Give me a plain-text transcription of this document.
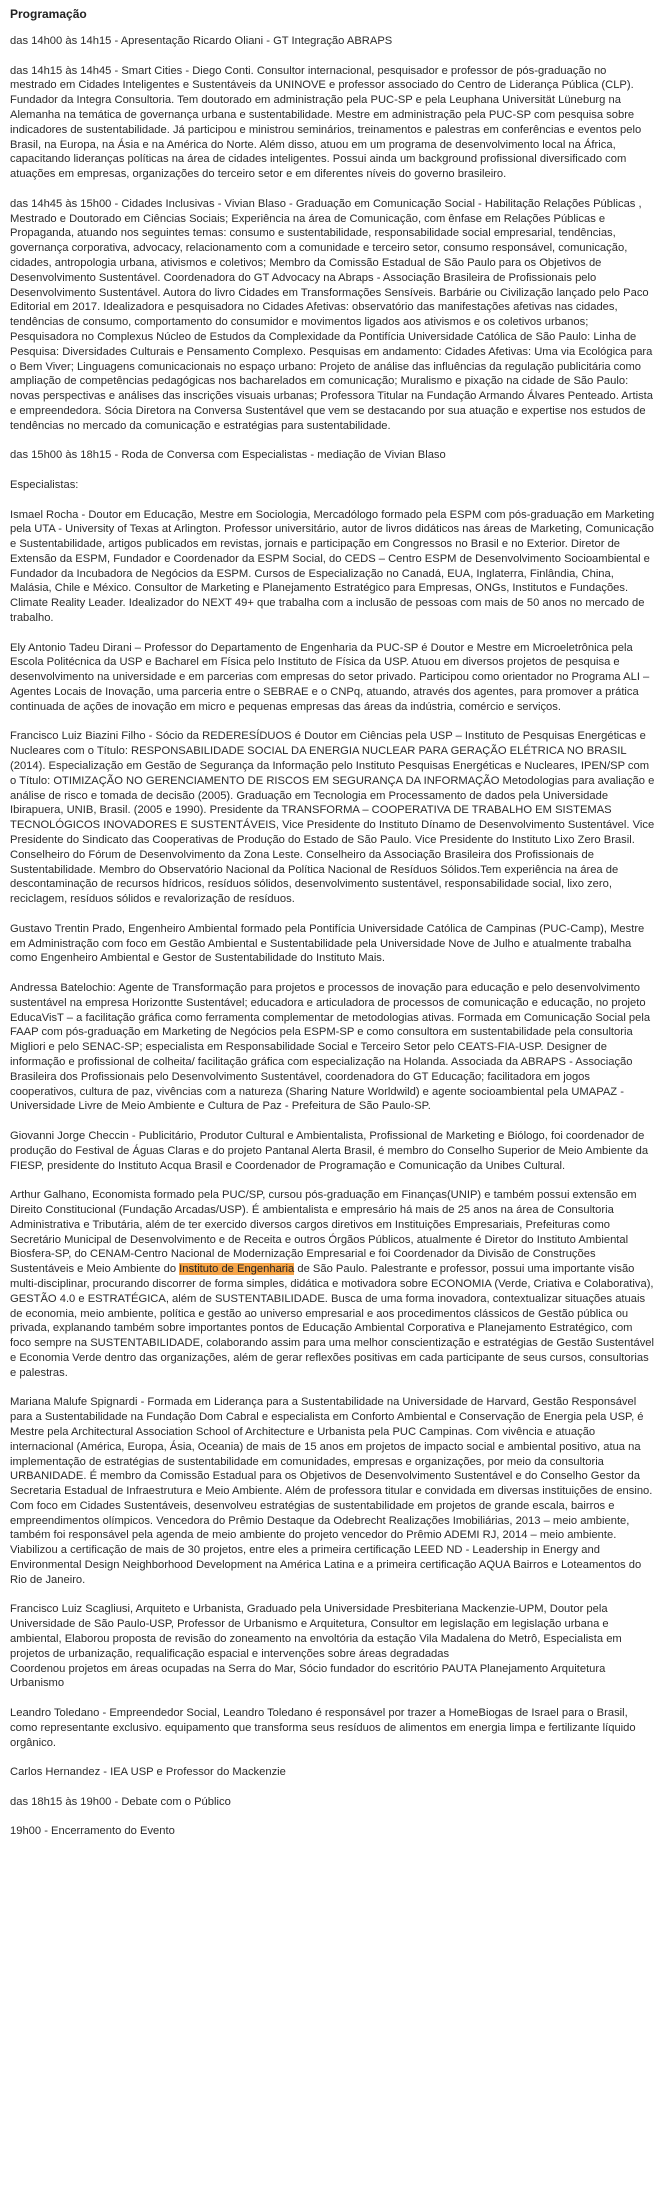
Programação

das 14h00 às 14h15 - Apresentação Ricardo Oliani - GT Integração ABRAPS

das 14h15 às 14h45 - Smart Cities - Diego Conti. Consultor internacional, pesquisador e professor de pós-graduação no mestrado em Cidades Inteligentes e Sustentáveis da UNINOVE e professor associado do Centro de Liderança Pública (CLP). Fundador da Integra Consultoria. Tem doutorado em administração pela PUC-SP e pela Leuphana Universität Lüneburg na Alemanha na temática de governança urbana e sustentabilidade. Mestre em administração pela PUC-SP com pesquisa sobre indicadores de sustentabilidade. Já participou e ministrou seminários, treinamentos e palestras em conferências e eventos pelo Brasil, na Europa, na Ásia e na América do Norte. Além disso, atuou em um programa de desenvolvimento local na África, capacitando lideranças políticas na área de cidades inteligentes. Possui ainda um background profissional diversificado com atuações em empresas, organizações do terceiro setor e em diferentes níveis do governo brasileiro.

das 14h45 às 15h00 - Cidades Inclusivas - Vivian Blaso - Graduação em Comunicação Social - Habilitação Relações Públicas , Mestrado e Doutorado em Ciências Sociais; Experiência na área de Comunicação, com ênfase em Relações Públicas e Propaganda, atuando nos seguintes temas: consumo e sustentabilidade, responsabilidade social empresarial, tendências, governança corporativa, advocacy, relacionamento com a comunidade e terceiro setor, consumo responsável, comunicação, cidades, antropologia urbana, ativismos e coletivos; Membro da Comissão Estadual de São Paulo para os Objetivos de Desenvolvimento Sustentável. Coordenadora do GT Advocacy na Abraps - Associação Brasileira de Profissionais pelo Desenvolvimento Sustentável. Autora do livro Cidades em Transformações Sensíveis. Barbárie ou Civilização lançado pelo Paco Editorial em 2017. Idealizadora e pesquisadora no Cidades Afetivas: observatório das manifestações afetivas nas cidades, tendências de consumo, comportamento do consumidor e movimentos ligados aos ativismos e os coletivos urbanos; Pesquisadora no Complexus Núcleo de Estudos da Complexidade da Pontifícia Universidade Católica de São Paulo: Linha de Pesquisa: Diversidades Culturais e Pensamento Complexo. Pesquisas em andamento: Cidades Afetivas: Uma via Ecológica para o Bem Viver; Linguagens comunicacionais no espaço urbano: Projeto de análise das influências da regulação publicitária como ampliação de competências pedagógicas nos bacharelados em comunicação; Muralismo e pixação na cidade de São Paulo: novas perspectivas e análises das inscrições visuais urbanas; Professora Titular na Fundação Armando Álvares Penteado. Artista e empreendedora. Sócia Diretora na Conversa Sustentável que vem se destacando por sua atuação e expertise nos estudos de tendências no mercado da comunicação e estratégias para sustentabilidade.

das 15h00 às 18h15 - Roda de Conversa com Especialistas - mediação de Vivian Blaso

Especialistas:

Ismael Rocha - Doutor em Educação, Mestre em Sociologia, Mercadólogo formado pela ESPM com pós-graduação em Marketing pela UTA - University of Texas at Arlington. Professor universitário, autor de livros didáticos nas áreas de Marketing, Comunicação e Sustentabilidade, artigos publicados em revistas, jornais e participação em Congressos no Brasil e no Exterior. Diretor de Extensão da ESPM, Fundador e Coordenador da ESPM Social, do CEDS – Centro ESPM de Desenvolvimento Socioambiental e Fundador da Incubadora de Negócios da ESPM. Cursos de Especialização no Canadá, EUA, Inglaterra, Finlândia, China, Malásia, Chile e México. Consultor de Marketing e Planejamento Estratégico para Empresas, ONGs, Institutos e Fundações. Climate Reality Leader. Idealizador do NEXT 49+ que trabalha com a inclusão de pessoas com mais de 50 anos no mercado de trabalho.

Ely Antonio Tadeu Dirani – Professor do Departamento de Engenharia da PUC-SP é Doutor e Mestre em Microeletrônica pela Escola Politécnica da USP e Bacharel em Física pelo Instituto de Física da USP. Atuou em diversos projetos de pesquisa e desenvolvimento na universidade e em parcerias com empresas do setor privado. Participou como orientador no Programa ALI – Agentes Locais de Inovação, uma parceria entre o SEBRAE e o CNPq, atuando, através dos agentes, para promover a prática continuada de ações de inovação em micro e pequenas empresas das áreas da indústria, comércio e serviços.

Francisco Luiz Biazini Filho - Sócio da REDERESÍDUOS é Doutor em Ciências pela USP – Instituto de Pesquisas Energéticas e Nucleares com o Título: RESPONSABILIDADE SOCIAL DA ENERGIA NUCLEAR PARA GERAÇÃO ELÉTRICA NO BRASIL (2014). Especialização em Gestão de Segurança da Informação pelo Instituto Pesquisas Energéticas e Nucleares, IPEN/SP com o Título: OTIMIZAÇÃO NO GERENCIAMENTO DE RISCOS EM SEGURANÇA DA INFORMAÇÃO Metodologias para avaliação e análise de risco e tomada de decisão (2005). Graduação em Tecnologia em Processamento de dados pela Universidade Ibirapuera, UNIB, Brasil. (2005 e 1990). Presidente da TRANSFORMA – COOPERATIVA DE TRABALHO EM SISTEMAS TECNOLÓGICOS INOVADORES E SUSTENTÁVEIS, Vice Presidente do Instituto Dínamo de Desenvolvimento Sustentável. Vice Presidente do Sindicato das Cooperativas de Produção do Estado de São Paulo. Vice Presidente do Instituto Lixo Zero Brasil. Conselheiro do Fórum de Desenvolvimento da Zona Leste. Conselheiro da Associação Brasileira dos Profissionais de Sustentabilidade. Membro do Observatório Nacional da Política Nacional de Resíduos Sólidos.Tem experiência na área de descontaminação de recursos hídricos, resíduos sólidos, desenvolvimento sustentável, responsabilidade social, lixo zero, reciclagem, resíduos sólidos e revalorização de resíduos.

Gustavo Trentin Prado, Engenheiro Ambiental formado pela Pontifícia Universidade Católica de Campinas (PUC-Camp), Mestre em Administração com foco em Gestão Ambiental e Sustentabilidade pela Universidade Nove de Julho e atualmente trabalha como Engenheiro Ambiental e Gestor de Sustentabilidade do Instituto Mais.

Andressa Batelochio: Agente de Transformação para projetos e processos de inovação para educação e pelo desenvolvimento sustentável na empresa Horizontte Sustentável; educadora e articuladora de processos de comunicação e educação, no projeto EducaVisT – a facilitação gráfica como ferramenta complementar de metodologias ativas. Formada em Comunicação Social pela FAAP com pós-graduação em Marketing de Negócios pela ESPM-SP e como consultora em sustentabilidade pela consultoria Migliori e pelo SENAC-SP; especialista em Responsabilidade Social e Terceiro Setor pelo CEATS-FIA-USP. Designer de informação e profissional de colheita/ facilitação gráfica com especialização na Holanda. Associada da ABRAPS - Associação Brasileira dos Profissionais pelo Desenvolvimento Sustentável, coordenadora do GT Educação; facilitadora em jogos cooperativos, cultura de paz, vivências com a natureza (Sharing Nature Worldwild) e agente socioambiental pela UMAPAZ - Universidade Livre de Meio Ambiente e Cultura de Paz - Prefeitura de São Paulo-SP.

Giovanni Jorge Checcin - Publicitário, Produtor Cultural e Ambientalista, Profissional de Marketing e Biólogo, foi coordenador de produção do Festival de Águas Claras e do projeto Pantanal Alerta Brasil, é membro do Conselho Superior de Meio Ambiente da FIESP, presidente do Instituto Acqua Brasil e Coordenador de Programação e Comunicação da Unibes Cultural.

Arthur Galhano, Economista formado pela PUC/SP, cursou pós-graduação em Finanças(UNIP) e também possui extensão em Direito Constitucional (Fundação Arcadas/USP). É ambientalista e empresário há mais de 25 anos na área de Consultoria Administrativa e Tributária, além de ter exercido diversos cargos diretivos em Instituições Empresariais, Prefeituras como Secretário Municipal de Desenvolvimento e de Receita e outros Órgãos Públicos, atualmente é Diretor do Instituto Ambiental Biosfera-SP, do CENAM-Centro Nacional de Modernização Empresarial e foi Coordenador da Divisão de Construções Sustentáveis e Meio Ambiente do Instituto de Engenharia de São Paulo. Palestrante e professor, possui uma importante visão multi-disciplinar, procurando discorrer de forma simples, didática e motivadora sobre ECONOMIA (Verde, Criativa e Colaborativa), GESTÃO 4.0 e ESTRATÉGICA, além de SUSTENTABILIDADE. Busca de uma forma inovadora, contextualizar situações atuais de economia, meio ambiente, política e gestão ao universo empresarial e aos procedimentos clássicos de Gestão pública ou privada, explanando também sobre importantes pontos de Educação Ambiental Corporativa e Planejamento Estratégico, com foco sempre na SUSTENTABILIDADE, colaborando assim para uma melhor conscientização e estratégias de Gestão Sustentável e Economia Verde dentro das organizações, além de gerar reflexões positivas em cada participante de seus cursos, consultorias e palestras.

Mariana Malufe Spignardi - Formada em Liderança para a Sustentabilidade na Universidade de Harvard, Gestão Responsável para a Sustentabilidade na Fundação Dom Cabral e especialista em Conforto Ambiental e Conservação de Energia pela USP, é Mestre pela Architectural Association School of Architecture e Urbanista pela PUC Campinas. Com vivência e atuação internacional (América, Europa, Ásia, Oceania) de mais de 15 anos em projetos de impacto social e ambiental positivo, atua na implementação de estratégias de sustentabilidade em comunidades, empresas e organizações, por meio da consultoria URBANIDADE. É membro da Comissão Estadual para os Objetivos de Desenvolvimento Sustentável e do Conselho Gestor da Secretaria Estadual de Infraestrutura e Meio Ambiente. Além de professora titular e convidada em diversas instituições de ensino. Com foco em Cidades Sustentáveis, desenvolveu estratégias de sustentabilidade em projetos de grande escala, bairros e empreendimentos olímpicos. Vencedora do Prêmio Destaque da Odebrecht Realizações Imobiliárias, 2013 – meio ambiente, também foi responsável pela agenda de meio ambiente do projeto vencedor do Prêmio ADEMI RJ, 2014 – meio ambiente. Viabilizou a certificação de mais de 30 projetos, entre eles a primeira certificação LEED ND - Leadership in Energy and Environmental Design Neighborhood Development na América Latina e a primeira certificação AQUA Bairros e Loteamentos do Rio de Janeiro.

Francisco Luiz Scagliusi, Arquiteto e Urbanista, Graduado pela Universidade Presbiteriana Mackenzie-UPM, Doutor pela Universidade de São Paulo-USP, Professor de Urbanismo e Arquitetura, Consultor em legislação em legislação urbana e ambiental, Elaborou proposta de revisão do zoneamento na envoltória da estação Vila Madalena do Metrô, Especialista em projetos de urbanização, requalificação espacial e intervenções sobre áreas degradadas
Coordenou projetos em áreas ocupadas na Serra do Mar, Sócio fundador do escritório PAUTA Planejamento Arquitetura Urbanismo

Leandro Toledano - Empreendedor Social, Leandro Toledano é responsável por trazer a HomeBiogas de Israel para o Brasil, como representante exclusivo. equipamento que transforma seus resíduos de alimentos em energia limpa e fertilizante líquido orgânico.

Carlos Hernandez - IEA USP e Professor do Mackenzie

das 18h15 às 19h00 - Debate com o Público

19h00 - Encerramento do Evento
